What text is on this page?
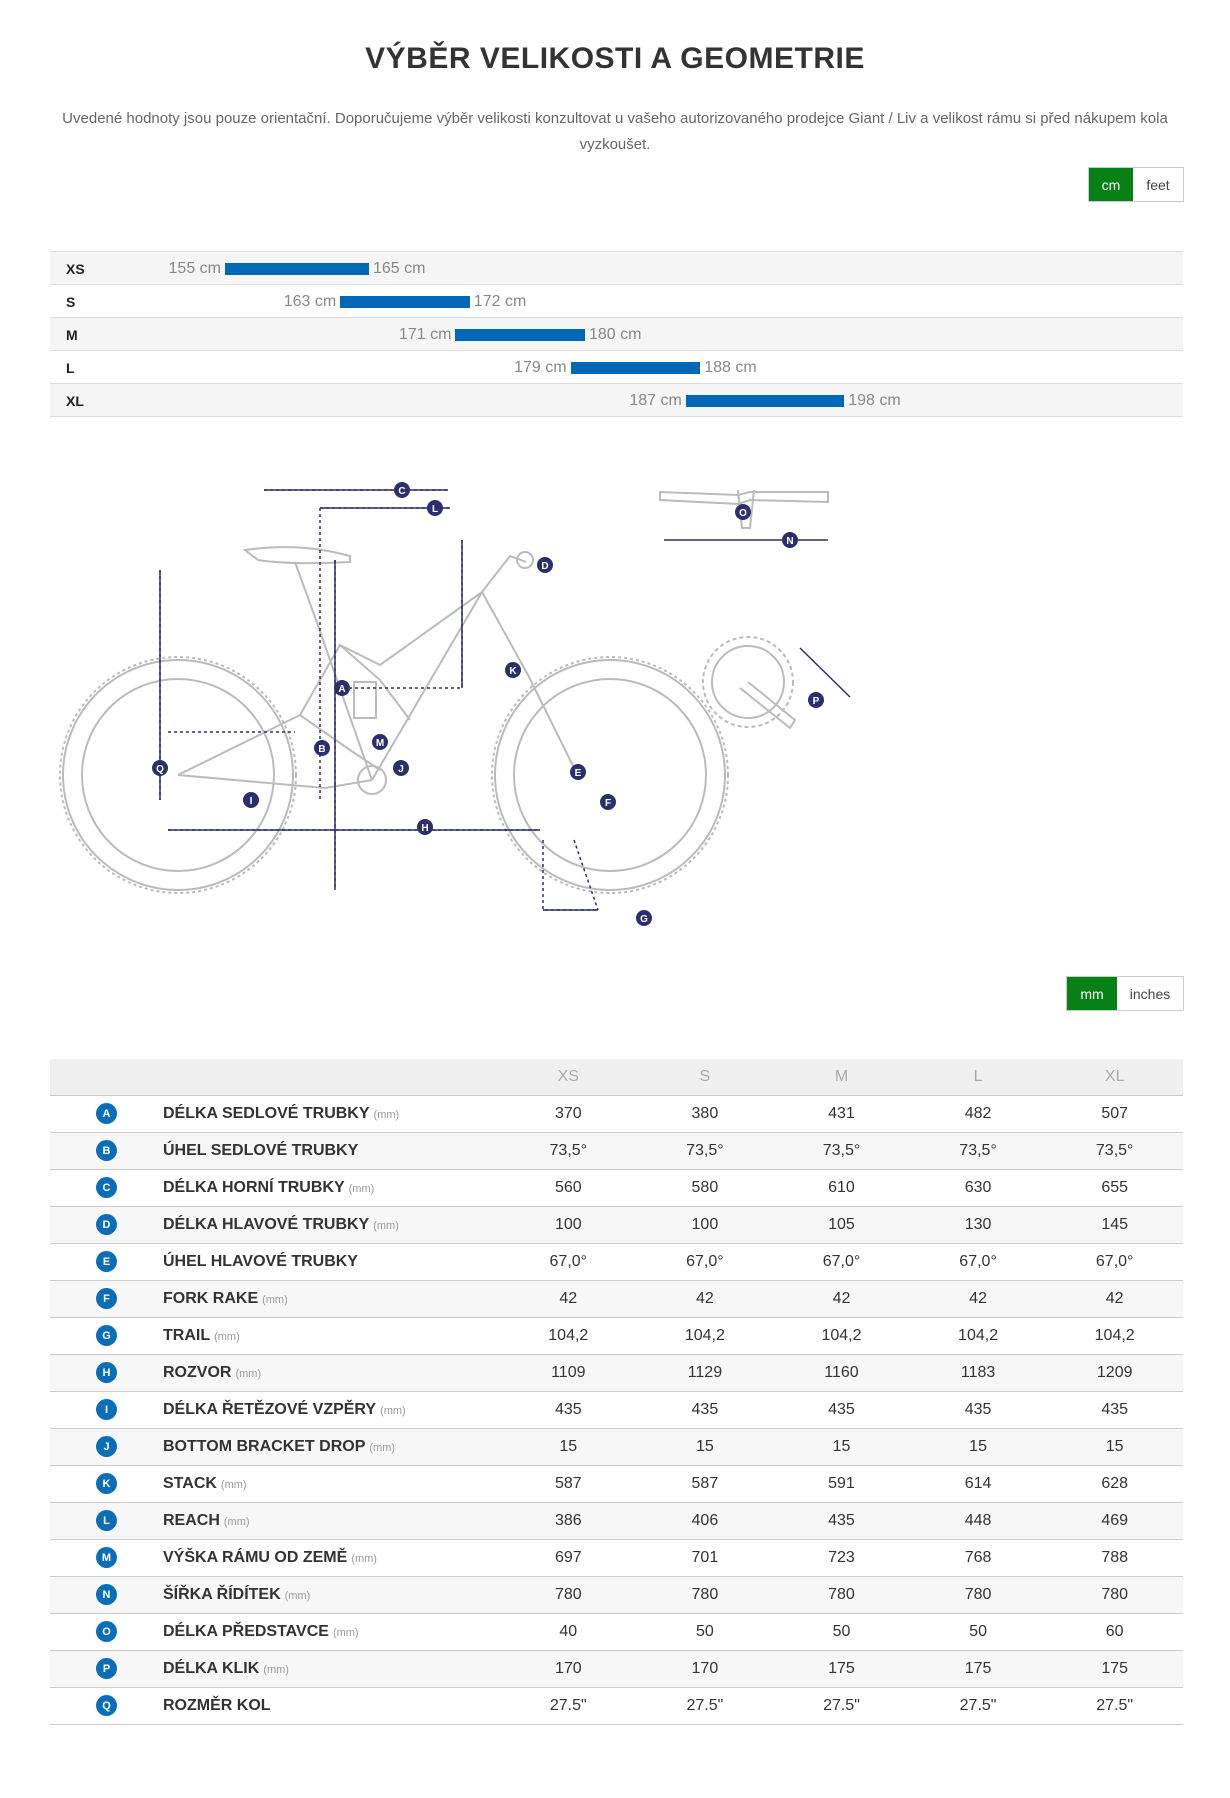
VÝBĚR VELIKOSTI A GEOMETRIE

Uvedené hodnoty jsou pouze orientační. Doporučujeme výběr velikosti konzultovat u vašeho autorizovaného prodejce Giant / Liv a velikost rámu si před nákupem kola vyzkoušet.

cm	feet
XS	155 cm	165 cm
S	163 cm	172 cm
M	171 cm	180 cm
L	179 cm	188 cm
XL	187 cm	198 cm
A
B
C
D
E
F
G
H
I
J
K
L
M
N
O
P
Q
mm	inches
		XS	S	M	L	XL
A	DÉLKA SEDLOVÉ TRUBKY (mm)	370	380	431	482	507
B	ÚHEL SEDLOVÉ TRUBKY	73,5°	73,5°	73,5°	73,5°	73,5°
C	DÉLKA HORNÍ TRUBKY (mm)	560	580	610	630	655
D	DÉLKA HLAVOVÉ TRUBKY (mm)	100	100	105	130	145
E	ÚHEL HLAVOVÉ TRUBKY	67,0°	67,0°	67,0°	67,0°	67,0°
F	FORK RAKE (mm)	42	42	42	42	42
G	TRAIL (mm)	104,2	104,2	104,2	104,2	104,2
H	ROZVOR (mm)	1109	1129	1160	1183	1209
I	DÉLKA ŘETĚZOVÉ VZPĚRY (mm)	435	435	435	435	435
J	BOTTOM BRACKET DROP (mm)	15	15	15	15	15
K	STACK (mm)	587	587	591	614	628
L	REACH (mm)	386	406	435	448	469
M	VÝŠKA RÁMU OD ZEMĚ (mm)	697	701	723	768	788
N	ŠÍŘKA ŘÍDÍTEK (mm)	780	780	780	780	780
O	DÉLKA PŘEDSTAVCE (mm)	40	50	50	50	60
P	DÉLKA KLIK (mm)	170	170	175	175	175
Q	ROZMĚR KOL	27.5"	27.5"	27.5"	27.5"	27.5"
